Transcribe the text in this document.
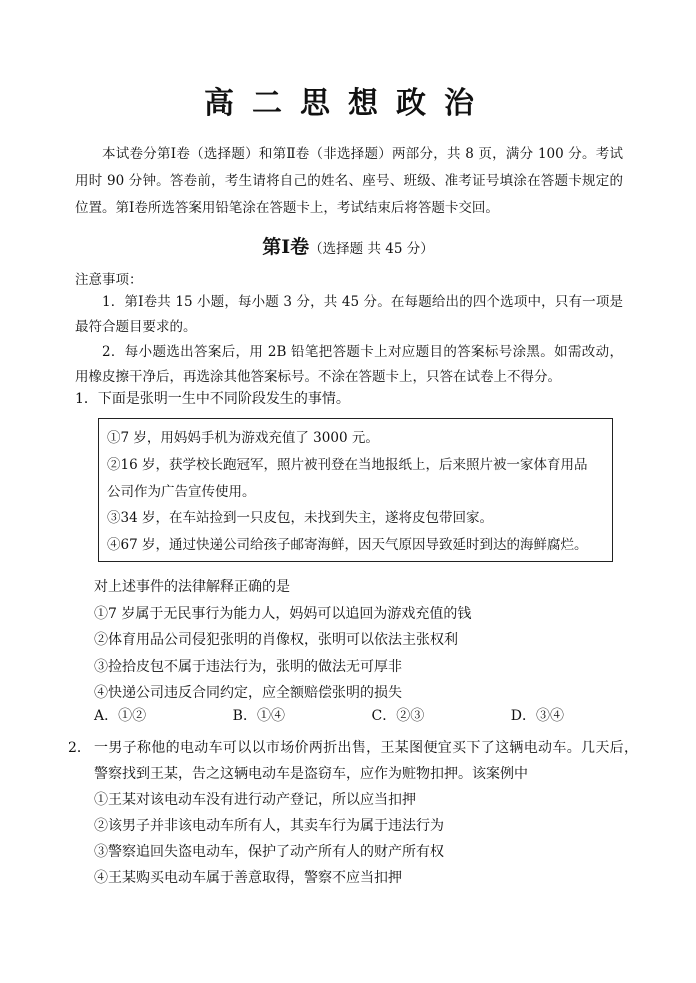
高二思想政治
本试卷分第Ⅰ卷（选择题）和第Ⅱ卷（非选择题）两部分，共 8 页，满分 100 分。考试用时 90 分钟。答卷前，考生请将自己的姓名、座号、班级、准考证号填涂在答题卡规定的位置。第Ⅰ卷所选答案用铅笔涂在答题卡上，考试结束后将答题卡交回。
第Ⅰ卷（选择题 共 45 分）
注意事项：

1．第Ⅰ卷共 15 小题，每小题 3 分，共 45 分。在每题给出的四个选项中，只有一项是最符合题目要求的。

2．每小题选出答案后，用 2B 铅笔把答题卡上对应题目的答案标号涂黑。如需改动，用橡皮擦干净后，再选涂其他答案标号。不涂在答题卡上，只答在试卷上不得分。

1．下面是张明一生中不同阶段发生的事情。

①7 岁，用妈妈手机为游戏充值了 3000 元。

②16 岁，获学校长跑冠军，照片被刊登在当地报纸上，后来照片被一家体育用品

公司作为广告宣传使用。

③34 岁，在车站捡到一只皮包，未找到失主，遂将皮包带回家。

④67 岁，通过快递公司给孩子邮寄海鲜，因天气原因导致延时到达的海鲜腐烂。

对上述事件的法律解释正确的是

①7 岁属于无民事行为能力人，妈妈可以追回为游戏充值的钱

②体育用品公司侵犯张明的肖像权，张明可以依法主张权利

③捡拾皮包不属于违法行为，张明的做法无可厚非

④快递公司违反合同约定，应全额赔偿张明的损失

A．①②	B．①④	C．②③	D．③④
2． 一男子称他的电动车可以以市场价两折出售，王某图便宜买下了这辆电动车。几天后，警察找到王某，告之这辆电动车是盗窃车，应作为赃物扣押。该案例中

①王某对该电动车没有进行动产登记，所以应当扣押

②该男子并非该电动车所有人，其卖车行为属于违法行为

③警察追回失盗电动车，保护了动产所有人的财产所有权

④王某购买电动车属于善意取得，警察不应当扣押
